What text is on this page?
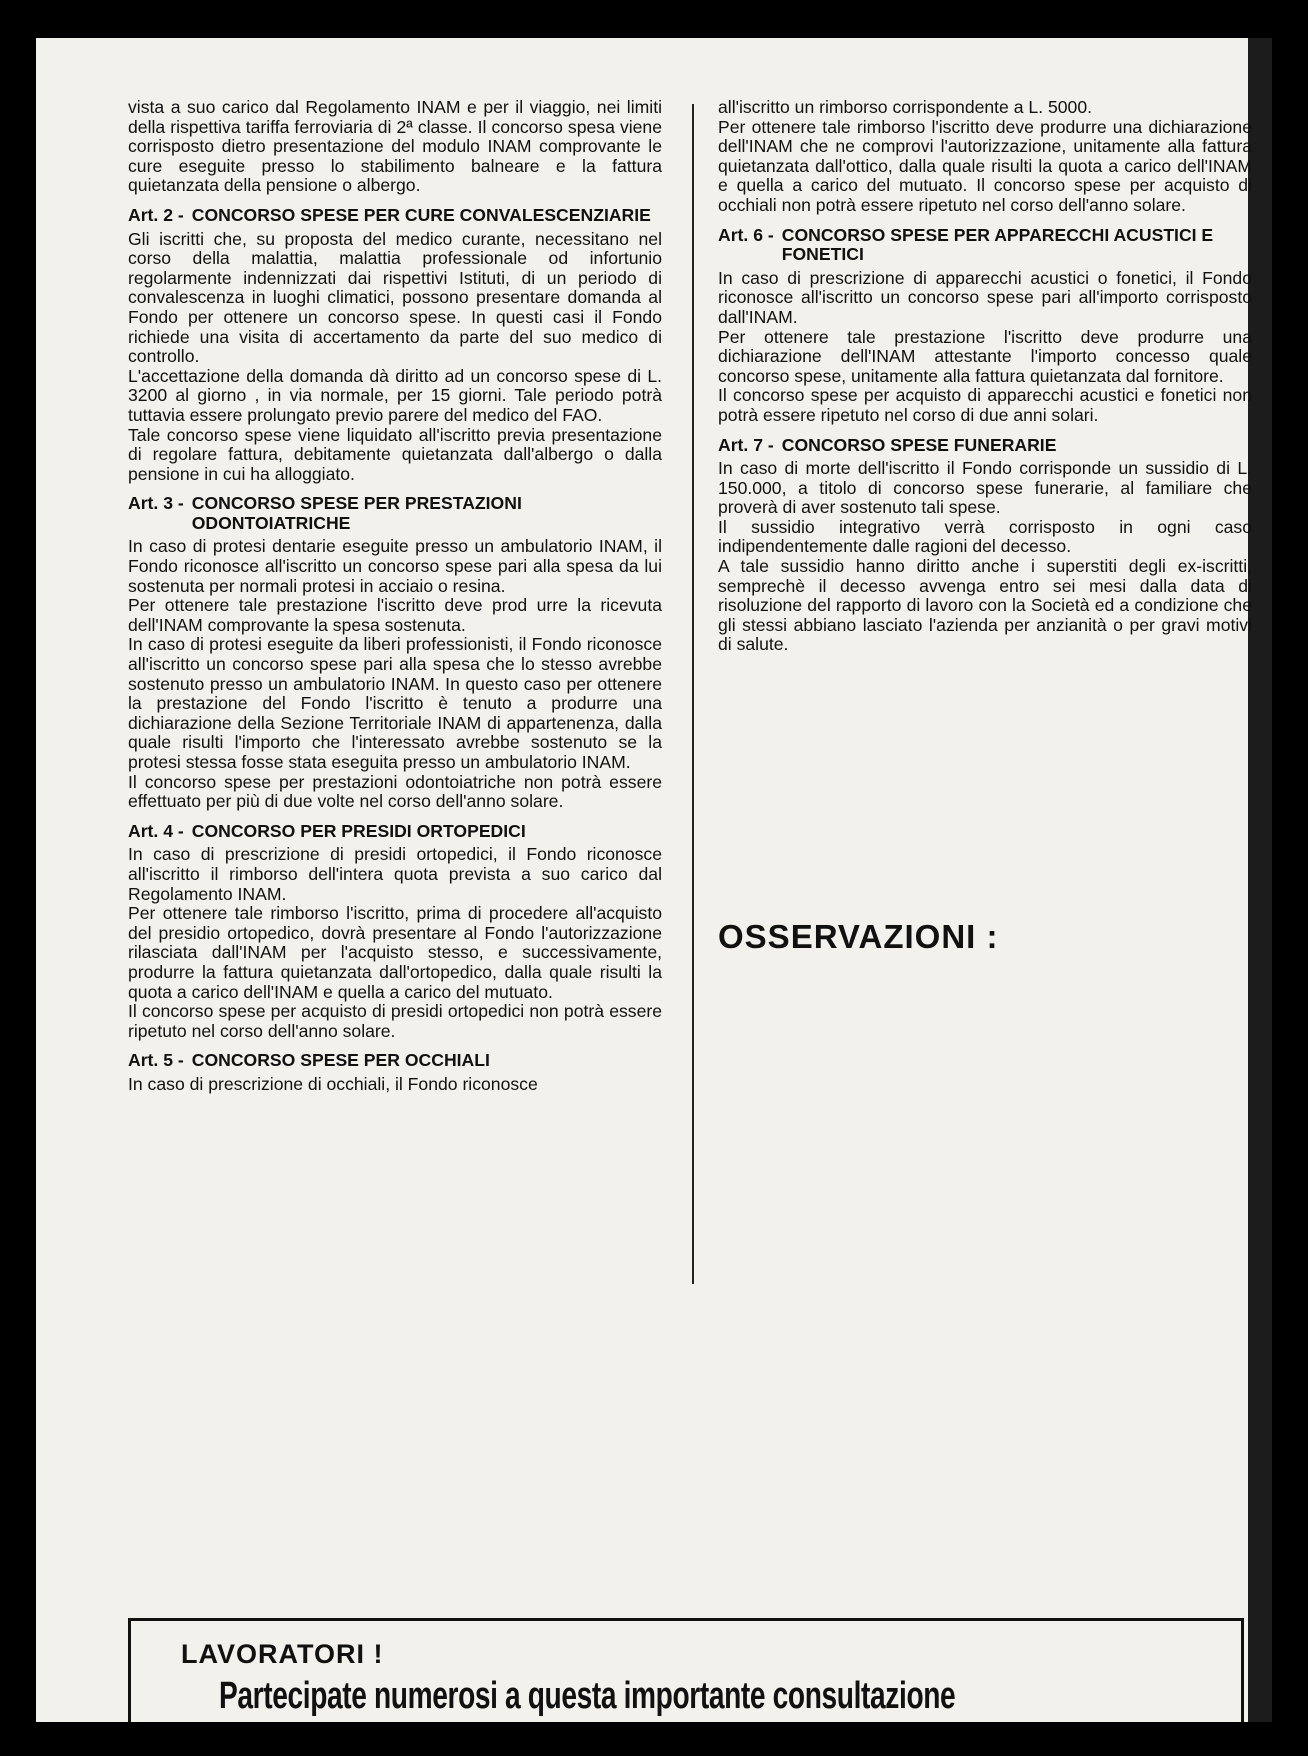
vista a suo carico dal Regolamento INAM e per il viaggio, nei limiti della rispettiva tariffa ferroviaria di 2ª classe. Il concorso spesa viene corrisposto dietro presentazione del modulo INAM comprovante le cure eseguite presso lo stabilimento balneare e la fattura quietanzata della pensione o albergo.

Art. 2 - CONCORSO SPESE PER CURE CONVALESCENZIARIE

Gli iscritti che, su proposta del medico curante, necessitano nel corso della malattia, malattia professionale od infortunio regolarmente indennizzati dai rispettivi Istituti, di un periodo di convalescenza in luoghi climatici, possono presentare domanda al Fondo per ottenere un concorso spese. In questi casi il Fondo richiede una visita di accertamento da parte del suo medico di controllo.

L'accettazione della domanda dà diritto ad un concorso spese di L. 3200 al giorno , in via normale, per 15 giorni. Tale periodo potrà tuttavia essere prolungato previo parere del medico del FAO.

Tale concorso spese viene liquidato all'iscritto previa presentazione di regolare fattura, debitamente quietanzata dall'albergo o dalla pensione in cui ha alloggiato.

Art. 3 - CONCORSO SPESE PER PRESTAZIONI ODONTOIATRICHE

In caso di protesi dentarie eseguite presso un ambulatorio INAM, il Fondo riconosce all'iscritto un concorso spese pari alla spesa da lui sostenuta per normali protesi in acciaio o resina.

Per ottenere tale prestazione l'iscritto deve prod urre la ricevuta dell'INAM comprovante la spesa sostenuta.

In caso di protesi eseguite da liberi professionisti, il Fondo riconosce all'iscritto un concorso spese pari alla spesa che lo stesso avrebbe sostenuto presso un ambulatorio INAM. In questo caso per ottenere la prestazione del Fondo l'iscritto è tenuto a produrre una dichiarazione della Sezione Territoriale INAM di appartenenza, dalla quale risulti l'importo che l'interessato avrebbe sostenuto se la protesi stessa fosse stata eseguita presso un ambulatorio INAM.

Il concorso spese per prestazioni odontoiatriche non potrà essere effettuato per più di due volte nel corso dell'anno solare.

Art. 4 - CONCORSO PER PRESIDI ORTOPEDICI

In caso di prescrizione di presidi ortopedici, il Fondo riconosce all'iscritto il rimborso dell'intera quota prevista a suo carico dal Regolamento INAM.

Per ottenere tale rimborso l'iscritto, prima di procedere all'acquisto del presidio ortopedico, dovrà presentare al Fondo l'autorizzazione rilasciata dall'INAM per l'acquisto stesso, e successivamente, produrre la fattura quietanzata dall'ortopedico, dalla quale risulti la quota a carico dell'INAM e quella a carico del mutuato.

Il concorso spese per acquisto di presidi ortopedici non potrà essere ripetuto nel corso dell'anno solare.

Art. 5 - CONCORSO SPESE PER OCCHIALI

In caso di prescrizione di occhiali, il Fondo riconosce

all'iscritto un rimborso corrispondente a L. 5000.

Per ottenere tale rimborso l'iscritto deve produrre una dichiarazione dell'INAM che ne comprovi l'autorizzazione, unitamente alla fattura quietanzata dall'ottico, dalla quale risulti la quota a carico dell'INAM e quella a carico del mutuato. Il concorso spese per acquisto di occhiali non potrà essere ripetuto nel corso dell'anno solare.

Art. 6 - CONCORSO SPESE PER APPARECCHI ACUSTICI E FONETICI

In caso di prescrizione di apparecchi acustici o fonetici, il Fondo riconosce all'iscritto un concorso spese pari all'importo corrisposto dall'INAM.

Per ottenere tale prestazione l'iscritto deve produrre una dichiarazione dell'INAM attestante l'importo concesso quale concorso spese, unitamente alla fattura quietanzata dal fornitore.

Il concorso spese per acquisto di apparecchi acustici e fonetici non potrà essere ripetuto nel corso di due anni solari.

Art. 7 - CONCORSO SPESE FUNERARIE

In caso di morte dell'iscritto il Fondo corrisponde un sussidio di L. 150.000, a titolo di concorso spese funerarie, al familiare che proverà di aver sostenuto tali spese.

Il sussidio integrativo verrà corrisposto in ogni caso indipendentemente dalle ragioni del decesso.

A tale sussidio hanno diritto anche i superstiti degli ex-iscritti, semprechè il decesso avvenga entro sei mesi dalla data di risoluzione del rapporto di lavoro con la Società ed a condizione che gli stessi abbiano lasciato l'azienda per anzianità o per gravi motivi di salute.

OSSERVAZIONI :
LAVORATORI !
Partecipate numerosi a questa importante consultazione
